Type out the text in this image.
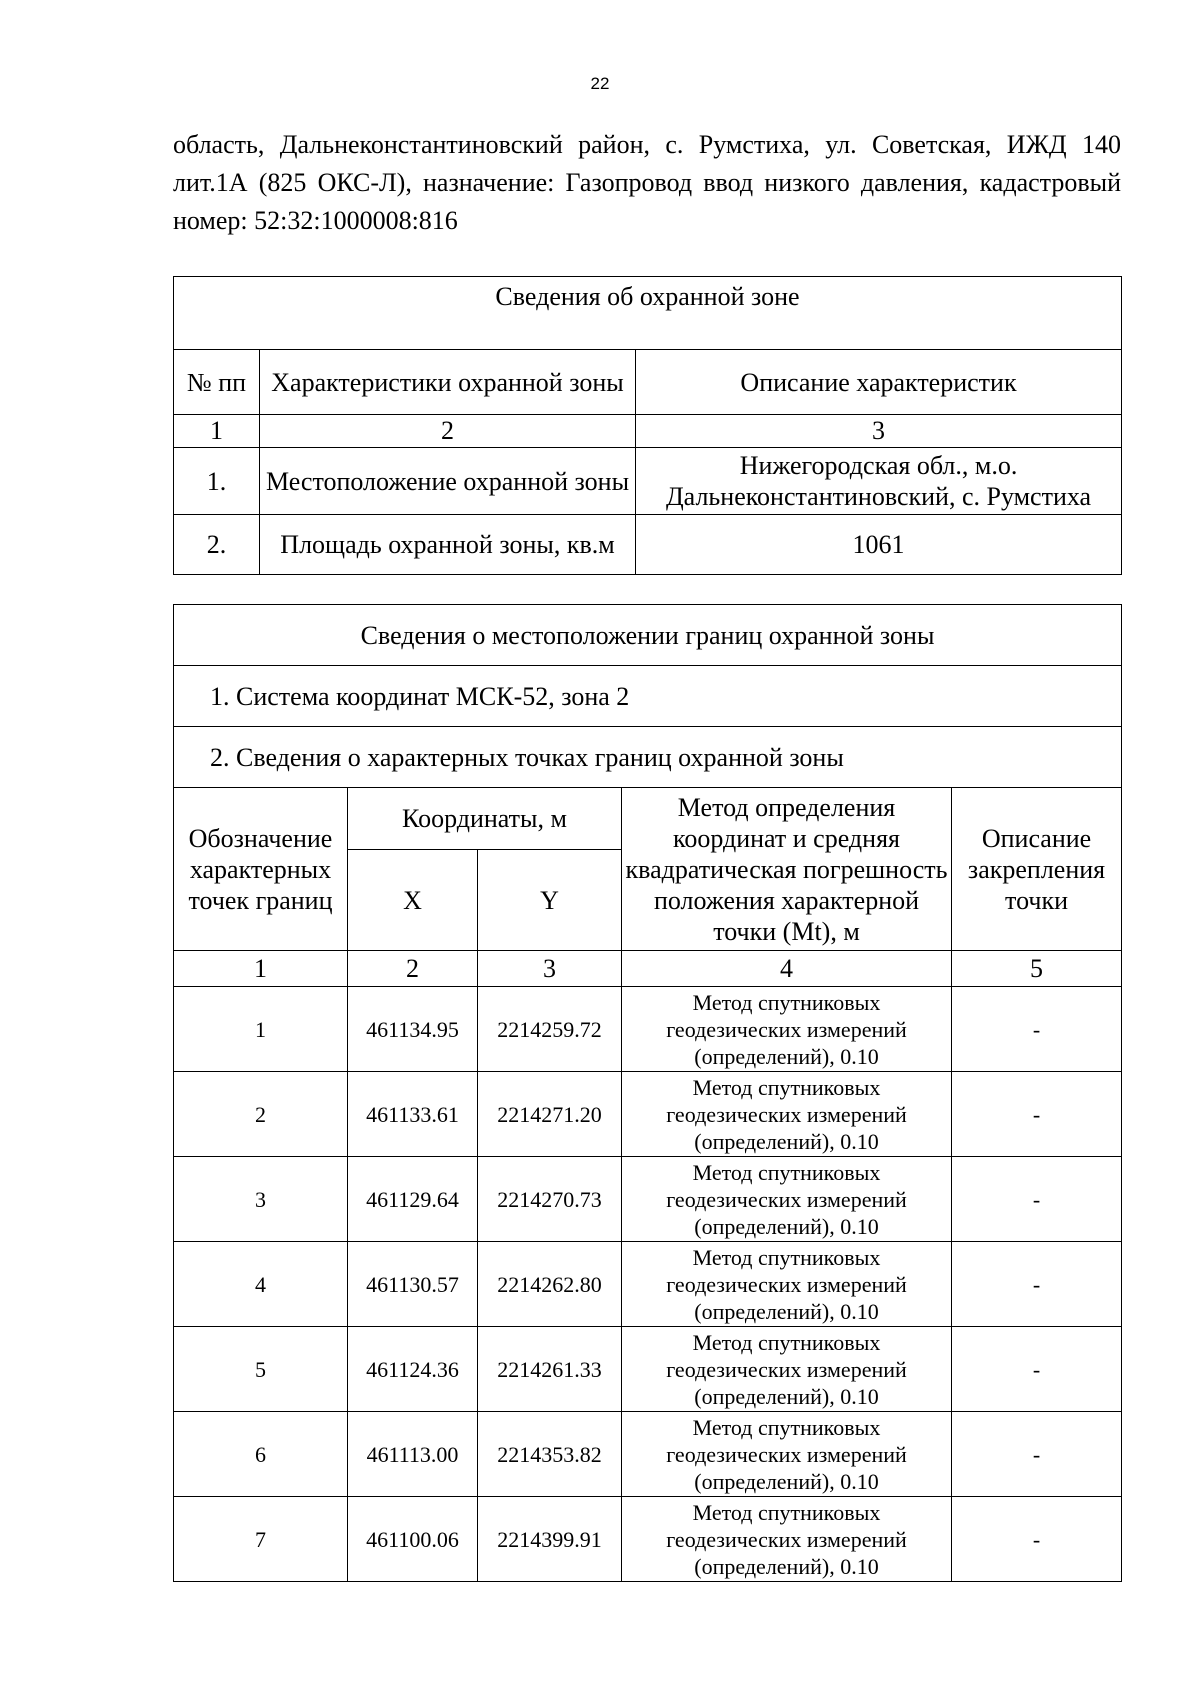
22

область, Дальнеконстантиновский район, с. Румстиха, ул. Советская, ИЖД 140 лит.1А (825 ОКС-Л), назначение: Газопровод ввод низкого давления, кадастровый номер: 52:32:1000008:816

Сведения об охранной зоне		
№ пп	Характеристики охранной зоны	Описание характеристик
1	2	3
1.	Местоположение охранной зоны	Нижегородская обл., м.о. Дальнеконстантиновский, с. Румстиха
2.	Площадь охранной зоны, кв.м	1061
Сведения о местоположении границ охранной зоны				
1. Система координат МСК-52, зона 2				
2. Сведения о характерных точках границ охранной зоны				
Обозначение характерных точек границ	Координаты, м		Метод определения координат и средняя квадратическая погрешность положения характерной точки (Mt), м	Описание закрепления точки
	X	Y		
1	2	3	4	5
1	461134.95	2214259.72	Метод спутниковых геодезических измерений (определений), 0.10	-
2	461133.61	2214271.20	Метод спутниковых геодезических измерений (определений), 0.10	-
3	461129.64	2214270.73	Метод спутниковых геодезических измерений (определений), 0.10	-
4	461130.57	2214262.80	Метод спутниковых геодезических измерений (определений), 0.10	-
5	461124.36	2214261.33	Метод спутниковых геодезических измерений (определений), 0.10	-
6	461113.00	2214353.82	Метод спутниковых геодезических измерений (определений), 0.10	-
7	461100.06	2214399.91	Метод спутниковых геодезических измерений (определений), 0.10	-
